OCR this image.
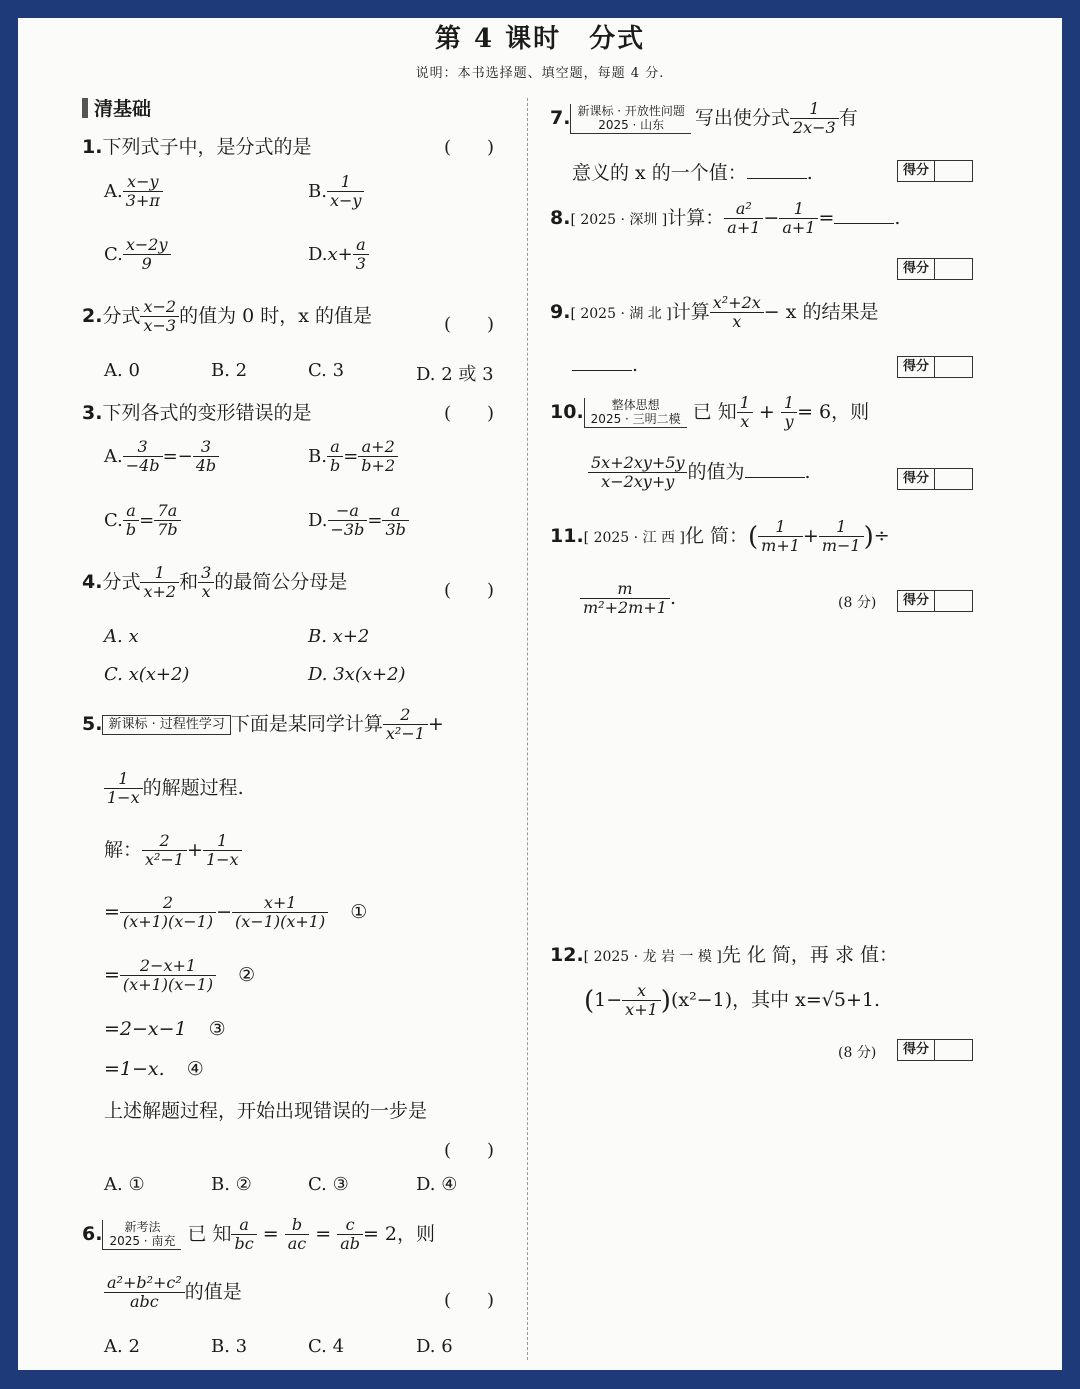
第 4 课时　分式
说明：本书选择题、填空题，每题 4 分.
清基础
1.下列式子中，是分式的是	(　　)
A. $\frac{x-y}{3+\pi}$	B. $\frac{1}{x-y}$
C. $\frac{x-2y}{9}$	$D.x+ \frac{a}{3}$
2.分式 $\frac{x-2}{x-3}$ 的值为 0 时，x 的值是	(　　)
A. 0	B. 2	C. 3	D. 2 或 3
3.下列各式的变形错误的是	(　　)
A. $\frac{3}{-4b} =- \frac{3}{4b}$	B. $\frac{a}{b} = \frac{a+2}{b+2}$
C. $\frac{a}{b} = \frac{7a}{7b}$	D. $\frac{-a}{-3b} = \frac{a}{3b}$
4.分式 $\frac{1}{x+2}$ 和 $\frac{3}{x}$ 的最简公分母是	(　　)
A. x	B. x+2
C. x(x+2)	D. 3x(x+2)
5. 新课标 · 过程性学习 下面是某同学计算 $\frac{2}{\text{x²−1}}$ +
$\frac{1}{1-x}$ 的解题过程.
解： $\frac{2}{\text{x²−1}} + \frac{1}{1-x}$
= $\frac{2}{(x+1)(x-1)} - \frac{x+1}{(x-1)(x+1)}$ ①
= $\frac{2-x+1}{(x+1)(x-1)}$ ②
=2−x−1 ③
=1−x. ④
上述解题过程，开始出现错误的一步是
(　　)
A. ①	B. ②	C. ③	D. ④
6. 新考法
2025 · 南充 已 知 $\frac{a}{bc} = \frac{b}{ac} = \frac{c}{ab} = 2$，则
$\frac{\text{a²+b²+c²}}{\text{abc}}$ 的值是	(　　)
A. 2	B. 3	C. 4	D. 6
7. 新课标 · 开放性问题
2025 · 山东 写出使分式 $\frac{1}{2x-3}$ 有
意义的 x 的一个值：	.	得分
8.[ 2025 · 深圳 ]计算： $\frac{\text{a²}}{a+1} - \frac{1}{a+1}$ =	.
得分
9.[ 2025 · 湖 北 ]计算 $\frac{\text{x²+2x}}{x} - x$ 的结果是
.	得分
10. 整体思想
2025 · 三明二模 已 知 $\frac{1}{x} + \frac{1}{y} = 6$，则
$\frac{5x+2xy+5y}{x-2xy+y}$ 的值为	.	得分
11.[ 2025 · 江 西 ]化 简：( $\frac{1}{m+1} + \frac{1}{m-1}$ )÷
$\frac{m}{\text{m²+2m+1}}$ .	(8 分)	得分
12.[ 2025 · 龙 岩 一 模 ]先 化 简，再 求 值：
$(1- \frac{x}{x+1} )(x^2-1)$，其中 x=√5+1.
(8 分)	得分
